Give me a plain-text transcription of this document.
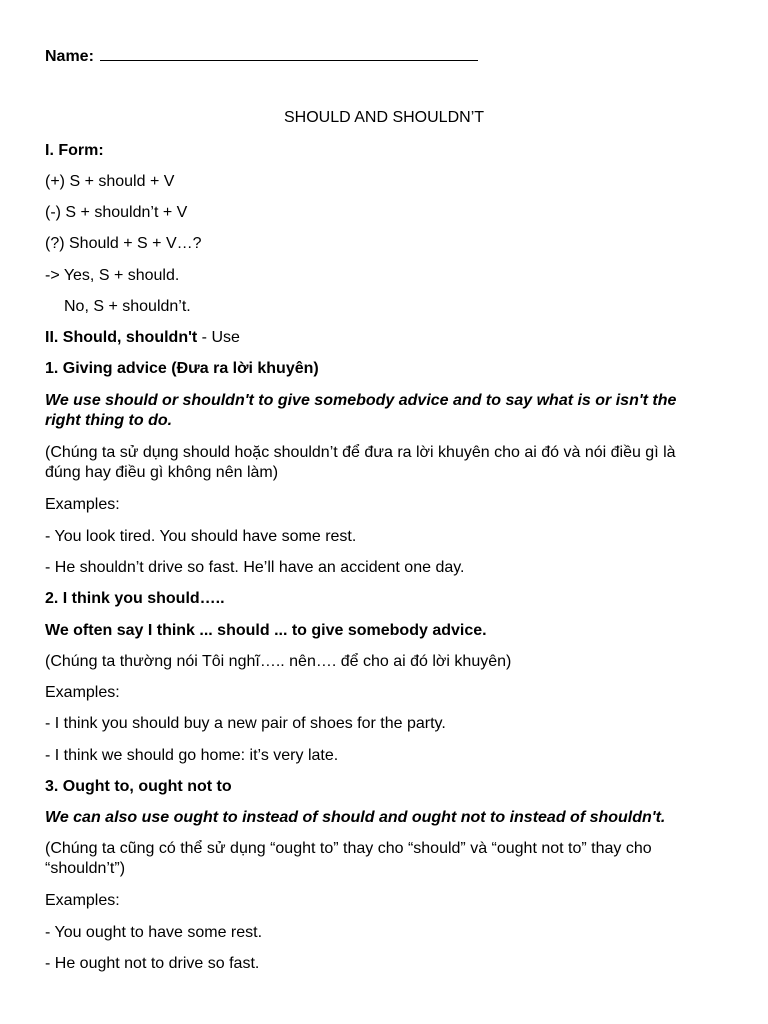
Name:
SHOULD AND SHOULDN’T
I. Form:
(+) S + should + V
(-) S + shouldn’t + V
(?) Should + S + V…?
-> Yes, S + should.
No, S + shouldn’t.
II. Should, shouldn't - Use
1. Giving advice (Đưa ra lời khuyên)
We use should or shouldn't to give somebody advice and to say what is or isn't the right thing to do.
(Chúng ta sử dụng should hoặc shouldn’t để đưa ra lời khuyên cho ai đó và nói điều gì là đúng hay điều gì không nên làm)
Examples:
- You look tired. You should have some rest.
- He shouldn’t drive so fast. He’ll have an accident one day.
2. I think you should…..
We often say I think ... should ... to give somebody advice.
(Chúng ta thường nói Tôi nghĩ….. nên…. để cho ai đó lời khuyên)
Examples:
- I think you should buy a new pair of shoes for the party.
- I think we should go home: it’s very late.
3. Ought to, ought not to
We can also use ought to instead of should and ought not to instead of shouldn't.
(Chúng ta cũng có thể sử dụng “ought to” thay cho “should” và “ought not to” thay cho “shouldn’t”)
Examples:
- You ought to have some rest.
- He ought not to drive so fast.
